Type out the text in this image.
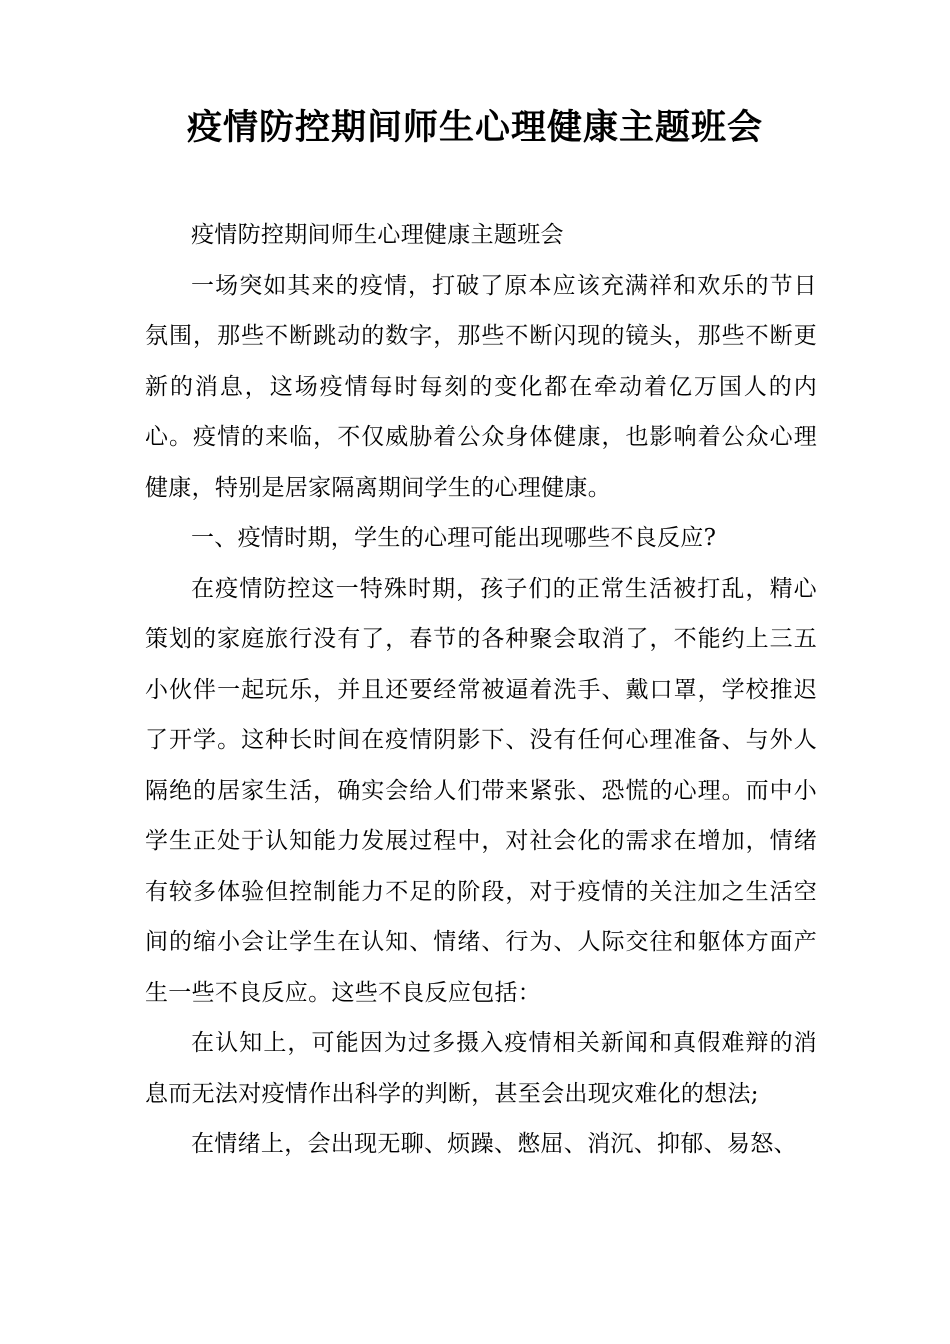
疫情防控期间师生心理健康主题班会

疫情防控期间师生心理健康主题班会

一场突如其来的疫情，打破了原本应该充满祥和欢乐的节日氛围，那些不断跳动的数字，那些不断闪现的镜头，那些不断更新的消息，这场疫情每时每刻的变化都在牵动着亿万国人的内心。疫情的来临，不仅威胁着公众身体健康，也影响着公众心理健康，特别是居家隔离期间学生的心理健康。

一、疫情时期，学生的心理可能出现哪些不良反应?

在疫情防控这一特殊时期，孩子们的正常生活被打乱，精心策划的家庭旅行没有了，春节的各种聚会取消了，不能约上三五小伙伴一起玩乐，并且还要经常被逼着洗手、戴口罩，学校推迟了开学。这种长时间在疫情阴影下、没有任何心理准备、与外人隔绝的居家生活，确实会给人们带来紧张、恐慌的心理。而中小学生正处于认知能力发展过程中，对社会化的需求在增加，情绪有较多体验但控制能力不足的阶段，对于疫情的关注加之生活空间的缩小会让学生在认知、情绪、行为、人际交往和躯体方面产生一些不良反应。这些不良反应包括：

在认知上，可能因为过多摄入疫情相关新闻和真假难辩的消息而无法对疫情作出科学的判断，甚至会出现灾难化的想法;

在情绪上，会出现无聊、烦躁、憋屈、消沉、抑郁、易怒、
